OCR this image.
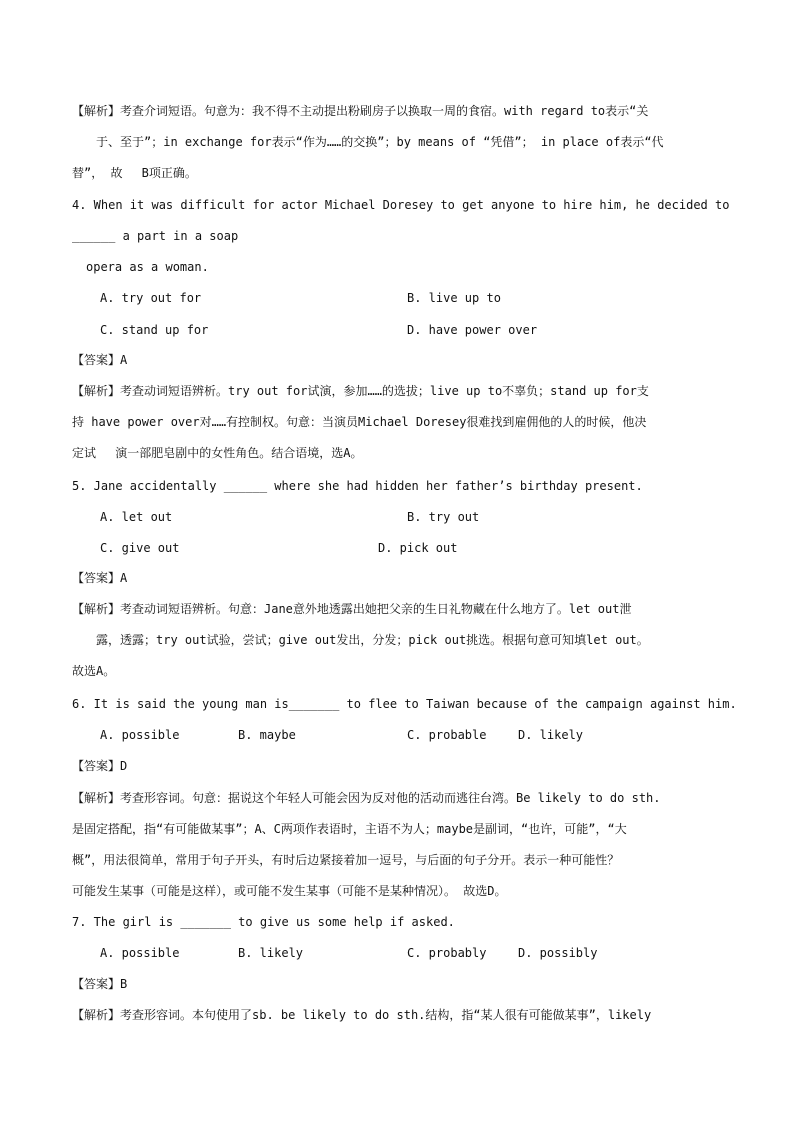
【解析】考查介词短语。句意为：我不得不主动提出粉刷房子以换取一周的食宿。with regard to表示“关
于、至于”；in exchange for表示“作为……的交换”；by means of “凭借”； in place of表示“代
替”， 故　 B项正确。
4. When it was difficult for actor Michael Doresey to get anyone to hire him, he decided to
______ a part in a soap
opera as a woman.
A. try out for	B. live up to
C. stand up for	D. have power over
【答案】A
【解析】考查动词短语辨析。try out for试演，参加……的选拔；live up to不辜负；stand up for支
持 have power over对……有控制权。句意：当演员Michael Doresey很难找到雇佣他的人的时候，他决
定试　 演一部肥皂剧中的女性角色。结合语境，选A。
5. Jane accidentally ______ where she had hidden her father’s birthday present.
A. let out	B. try out
C. give out	D. pick out
【答案】A
【解析】考查动词短语辨析。句意：Jane意外地透露出她把父亲的生日礼物藏在什么地方了。let out泄
露，透露；try out试验，尝试；give out发出，分发；pick out挑选。根据句意可知填let out。
故选A。
6. It is said the young man is_______ to flee to Taiwan because of the campaign against him.
A. possible	B. maybe	C. probable	D. likely
【答案】D
【解析】考查形容词。句意：据说这个年轻人可能会因为反对他的活动而逃往台湾。Be likely to do sth.
是固定搭配，指“有可能做某事”；A、C两项作表语时，主语不为人；maybe是副词，“也许，可能”，“大
概”，用法很简单，常用于句子开头，有时后边紧接着加一逗号，与后面的句子分开。表示一种可能性？
可能发生某事（可能是这样），或可能不发生某事（可能不是某种情况）。 故选D。
7. The girl is _______ to give us some help if asked.
A. possible	B. likely	C. probably	D. possibly
【答案】B
【解析】考查形容词。本句使用了sb. be likely to do sth.结构，指“某人很有可能做某事”，likely
